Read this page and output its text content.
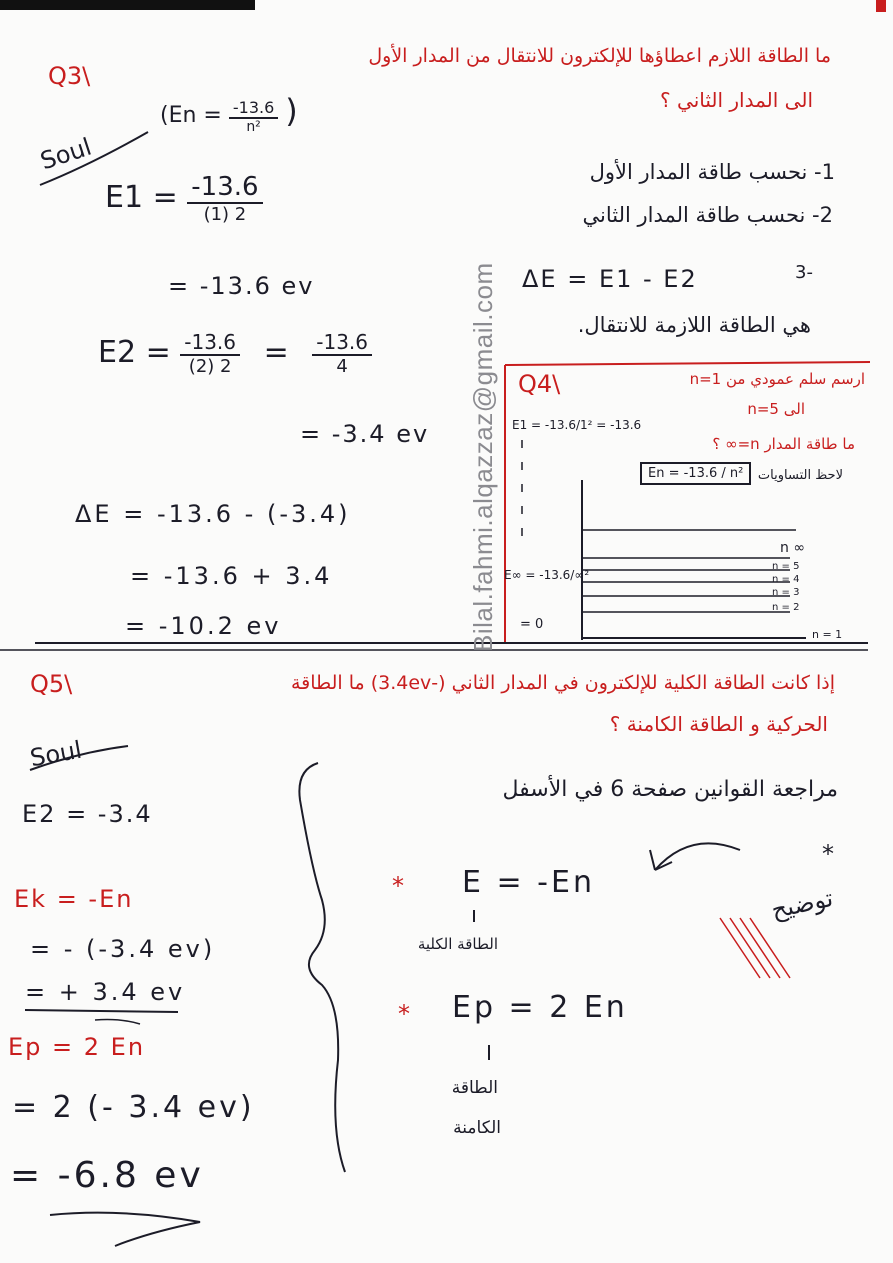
Bilal.fahmi.alqazzaz@gmail.com
Q3\
ما الطاقة اللازم اعطاؤها للإلكترون للانتقال من المدار الأول
الى المدار الثاني ؟
Soul
($En = \frac{-13.6}{\text{n²}}$ )
$E1 = \frac{-13.6}{(1) 2}$
= -13.6 ev
$E2 = \frac{-13.6}{(2) 2} = \frac{-13.6}{4}$
= -3.4 ev
ΔE = -13.6 - (-3.4)
= -13.6 + 3.4
= -10.2 ev
1- نحسب طاقة المدار الأول
2- نحسب طاقة المدار الثاني
ΔE = E1 - E2	3-
هي الطاقة اللازمة للانتقال.
Q4\	ارسم سلم عمودي من n=1
الى n=5
ما طاقة المدار n=∞ ؟
لاحظ التساويات
E1 = -13.6/1² = -13.6
En = -13.6 / n²
E∞ = -13.6/∞²
= 0
n ∞
n = 5
n = 4
n = 3
n = 2
n = 1
Q5\	إذا كانت الطاقة الكلية للإلكترون في المدار الثاني (-3.4ev) ما الطاقة
الحركية و الطاقة الكامنة ؟
Soul
E2 = -3.4
Ek = -En
= - (-3.4 ev)
= + 3.4 ev
Ep = 2 En
= 2 (- 3.4 ev)
= -6.8 ev
مراجعة القوانين صفحة 6 في الأسفل
* E = -En
الطاقة الكلية
* Ep = 2 En
الطاقة
الكامنة
*
توضيح
